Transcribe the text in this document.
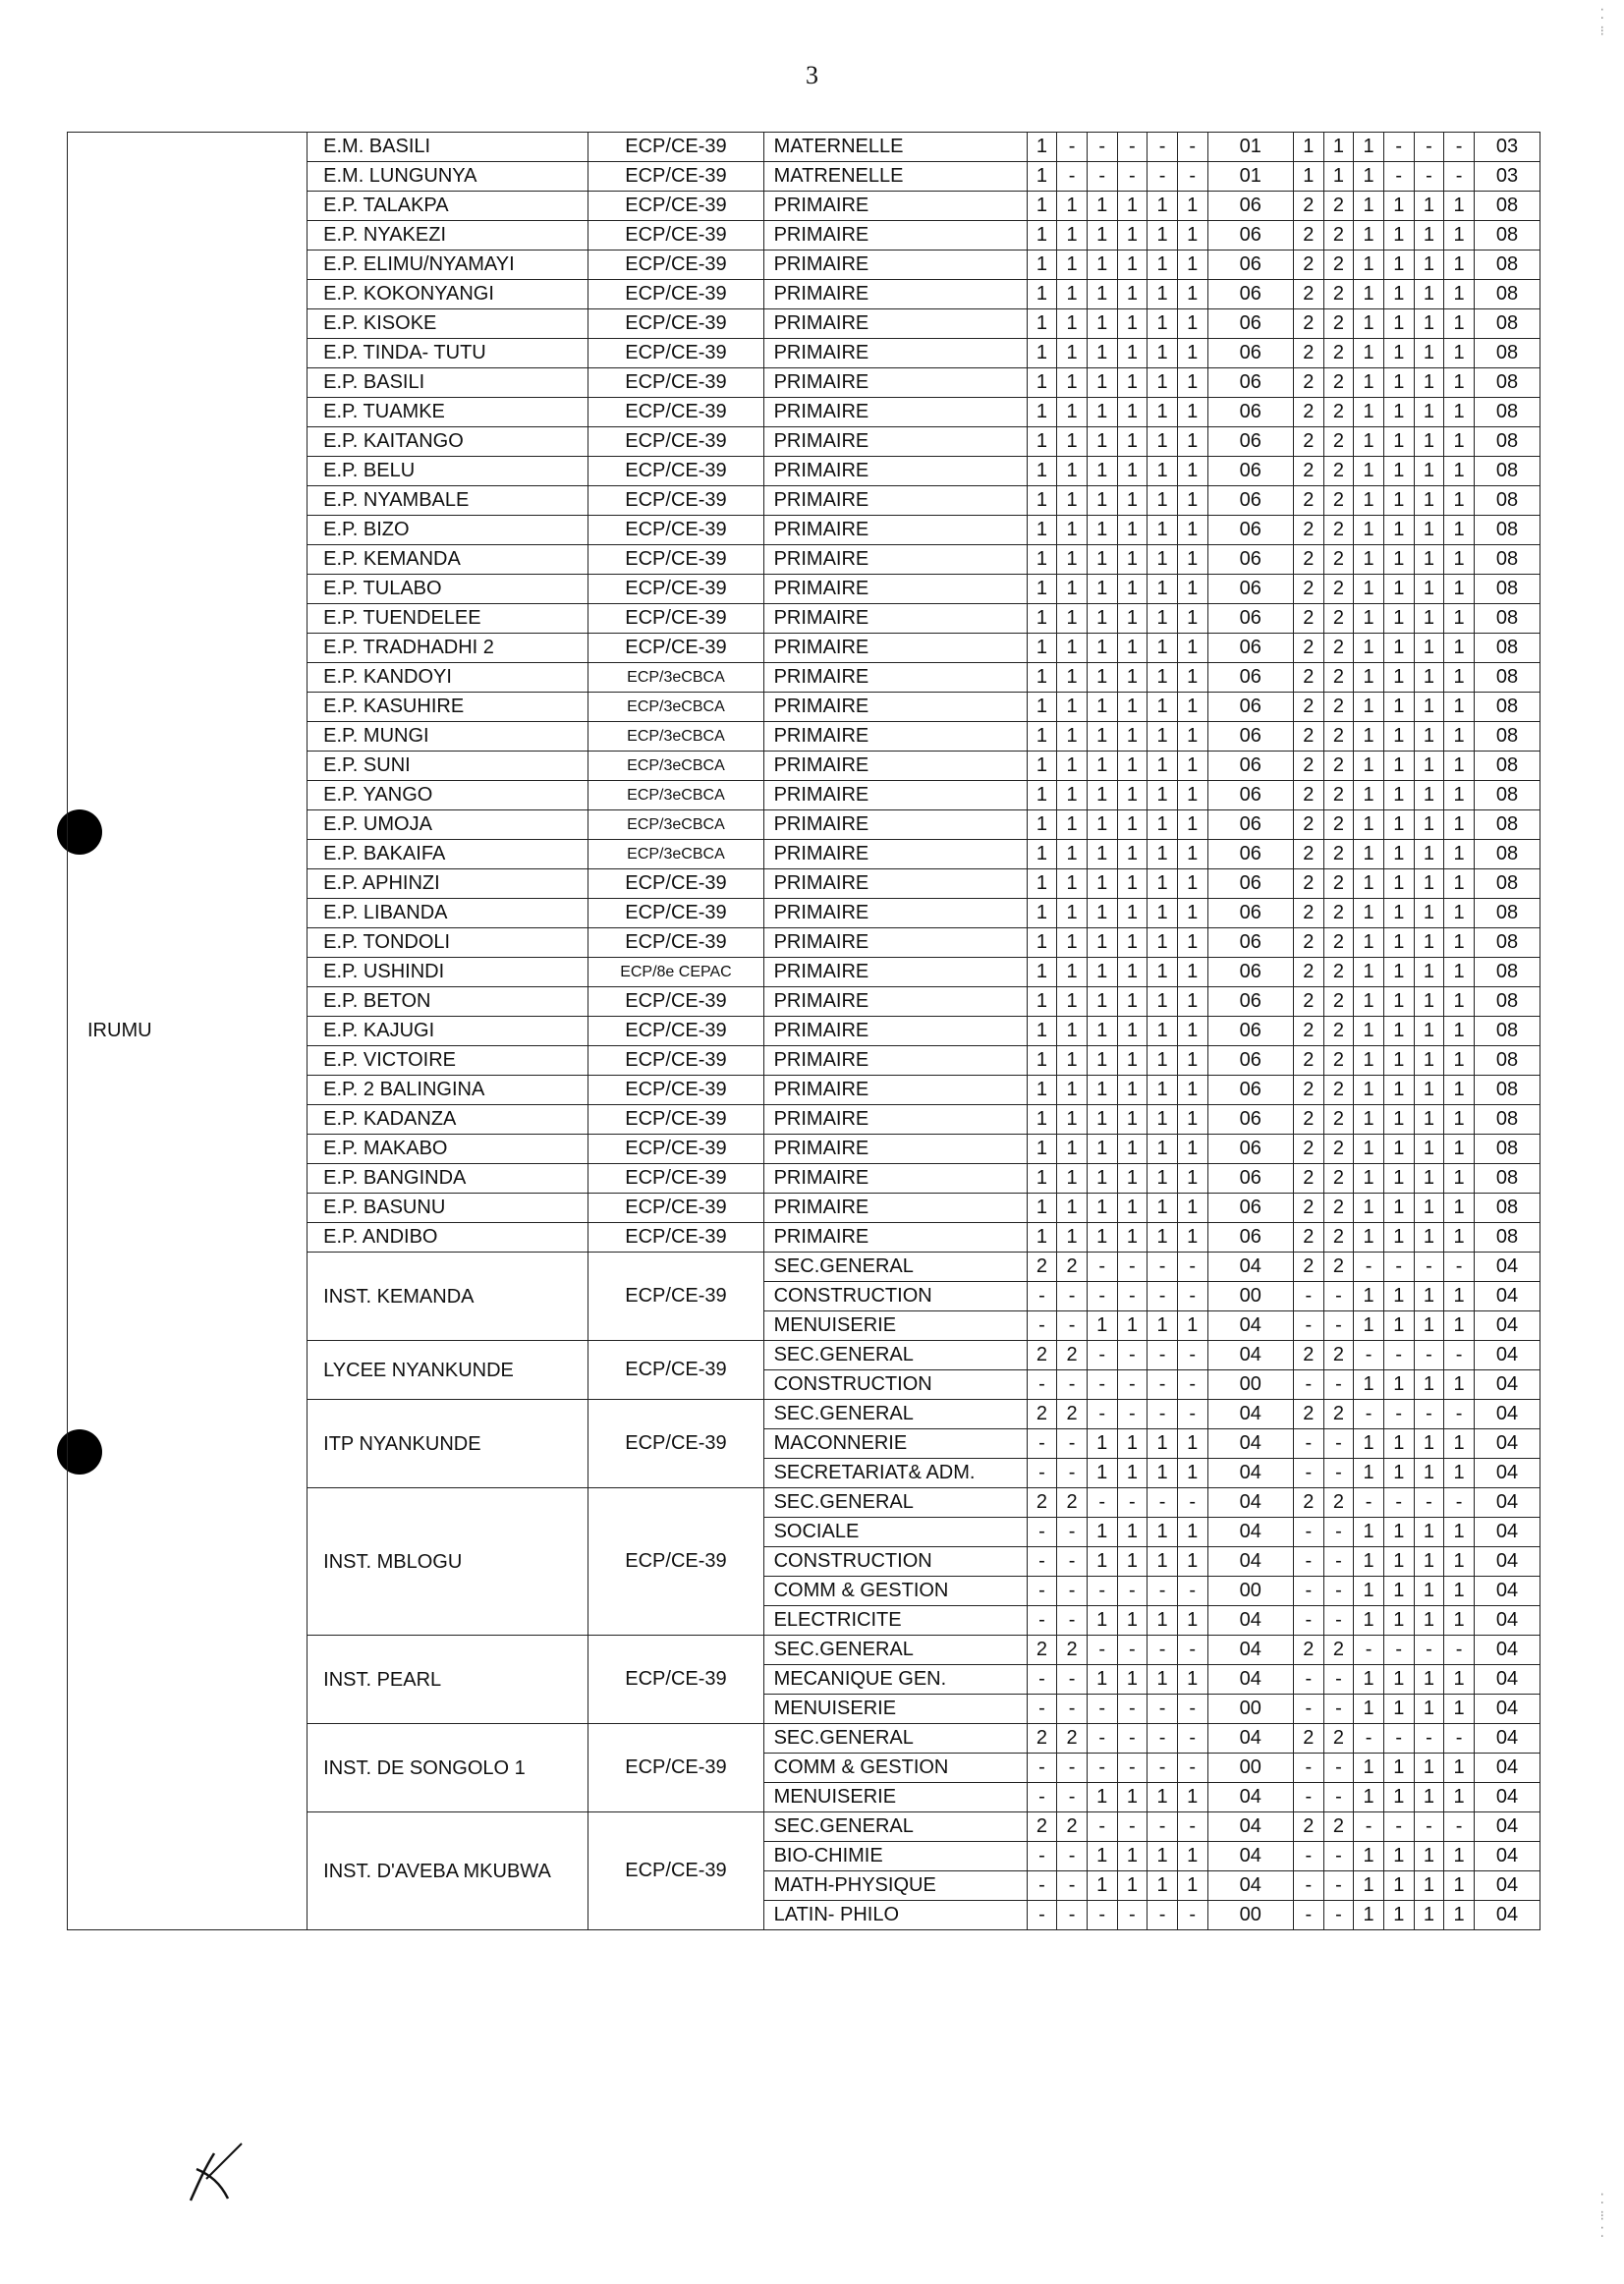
3
⁚
⁝
IRUMU	E.M. BASILI	ECP/CE-39	MATERNELLE	1	-	-	-	-	-	01	1	1	1	-	-	-	03
	E.M. LUNGUNYA	ECP/CE-39	MATRENELLE	1	-	-	-	-	-	01	1	1	1	-	-	-	03
	E.P. TALAKPA	ECP/CE-39	PRIMAIRE	1	1	1	1	1	1	06	2	2	1	1	1	1	08
	E.P. NYAKEZI	ECP/CE-39	PRIMAIRE	1	1	1	1	1	1	06	2	2	1	1	1	1	08
	E.P. ELIMU/NYAMAYI	ECP/CE-39	PRIMAIRE	1	1	1	1	1	1	06	2	2	1	1	1	1	08
	E.P. KOKONYANGI	ECP/CE-39	PRIMAIRE	1	1	1	1	1	1	06	2	2	1	1	1	1	08
	E.P. KISOKE	ECP/CE-39	PRIMAIRE	1	1	1	1	1	1	06	2	2	1	1	1	1	08
	E.P. TINDA- TUTU	ECP/CE-39	PRIMAIRE	1	1	1	1	1	1	06	2	2	1	1	1	1	08
	E.P. BASILI	ECP/CE-39	PRIMAIRE	1	1	1	1	1	1	06	2	2	1	1	1	1	08
	E.P. TUAMKE	ECP/CE-39	PRIMAIRE	1	1	1	1	1	1	06	2	2	1	1	1	1	08
	E.P. KAITANGO	ECP/CE-39	PRIMAIRE	1	1	1	1	1	1	06	2	2	1	1	1	1	08
	E.P. BELU	ECP/CE-39	PRIMAIRE	1	1	1	1	1	1	06	2	2	1	1	1	1	08
	E.P. NYAMBALE	ECP/CE-39	PRIMAIRE	1	1	1	1	1	1	06	2	2	1	1	1	1	08
	E.P. BIZO	ECP/CE-39	PRIMAIRE	1	1	1	1	1	1	06	2	2	1	1	1	1	08
	E.P. KEMANDA	ECP/CE-39	PRIMAIRE	1	1	1	1	1	1	06	2	2	1	1	1	1	08
	E.P. TULABO	ECP/CE-39	PRIMAIRE	1	1	1	1	1	1	06	2	2	1	1	1	1	08
	E.P. TUENDELEE	ECP/CE-39	PRIMAIRE	1	1	1	1	1	1	06	2	2	1	1	1	1	08
	E.P. TRADHADHI 2	ECP/CE-39	PRIMAIRE	1	1	1	1	1	1	06	2	2	1	1	1	1	08
	E.P. KANDOYI	ECP/3eCBCA	PRIMAIRE	1	1	1	1	1	1	06	2	2	1	1	1	1	08
	E.P. KASUHIRE	ECP/3eCBCA	PRIMAIRE	1	1	1	1	1	1	06	2	2	1	1	1	1	08
	E.P. MUNGI	ECP/3eCBCA	PRIMAIRE	1	1	1	1	1	1	06	2	2	1	1	1	1	08
	E.P. SUNI	ECP/3eCBCA	PRIMAIRE	1	1	1	1	1	1	06	2	2	1	1	1	1	08
	E.P. YANGO	ECP/3eCBCA	PRIMAIRE	1	1	1	1	1	1	06	2	2	1	1	1	1	08
	E.P. UMOJA	ECP/3eCBCA	PRIMAIRE	1	1	1	1	1	1	06	2	2	1	1	1	1	08
	E.P. BAKAIFA	ECP/3eCBCA	PRIMAIRE	1	1	1	1	1	1	06	2	2	1	1	1	1	08
	E.P. APHINZI	ECP/CE-39	PRIMAIRE	1	1	1	1	1	1	06	2	2	1	1	1	1	08
	E.P. LIBANDA	ECP/CE-39	PRIMAIRE	1	1	1	1	1	1	06	2	2	1	1	1	1	08
	E.P. TONDOLI	ECP/CE-39	PRIMAIRE	1	1	1	1	1	1	06	2	2	1	1	1	1	08
	E.P. USHINDI	ECP/8e CEPAC	PRIMAIRE	1	1	1	1	1	1	06	2	2	1	1	1	1	08
	E.P. BETON	ECP/CE-39	PRIMAIRE	1	1	1	1	1	1	06	2	2	1	1	1	1	08
	E.P. KAJUGI	ECP/CE-39	PRIMAIRE	1	1	1	1	1	1	06	2	2	1	1	1	1	08
	E.P. VICTOIRE	ECP/CE-39	PRIMAIRE	1	1	1	1	1	1	06	2	2	1	1	1	1	08
	E.P. 2 BALINGINA	ECP/CE-39	PRIMAIRE	1	1	1	1	1	1	06	2	2	1	1	1	1	08
	E.P. KADANZA	ECP/CE-39	PRIMAIRE	1	1	1	1	1	1	06	2	2	1	1	1	1	08
	E.P. MAKABO	ECP/CE-39	PRIMAIRE	1	1	1	1	1	1	06	2	2	1	1	1	1	08
	E.P. BANGINDA	ECP/CE-39	PRIMAIRE	1	1	1	1	1	1	06	2	2	1	1	1	1	08
	E.P. BASUNU	ECP/CE-39	PRIMAIRE	1	1	1	1	1	1	06	2	2	1	1	1	1	08
	E.P. ANDIBO	ECP/CE-39	PRIMAIRE	1	1	1	1	1	1	06	2	2	1	1	1	1	08
	INST. KEMANDA	ECP/CE-39	SEC.GENERAL	2	2	-	-	-	-	04	2	2	-	-	-	-	04
			CONSTRUCTION	-	-	-	-	-	-	00	-	-	1	1	1	1	04
			MENUISERIE	-	-	1	1	1	1	04	-	-	1	1	1	1	04
	LYCEE NYANKUNDE	ECP/CE-39	SEC.GENERAL	2	2	-	-	-	-	04	2	2	-	-	-	-	04
			CONSTRUCTION	-	-	-	-	-	-	00	-	-	1	1	1	1	04
	ITP NYANKUNDE	ECP/CE-39	SEC.GENERAL	2	2	-	-	-	-	04	2	2	-	-	-	-	04
			MACONNERIE	-	-	1	1	1	1	04	-	-	1	1	1	1	04
			SECRETARIAT& ADM.	-	-	1	1	1	1	04	-	-	1	1	1	1	04
	INST. MBLOGU	ECP/CE-39	SEC.GENERAL	2	2	-	-	-	-	04	2	2	-	-	-	-	04
			SOCIALE	-	-	1	1	1	1	04	-	-	1	1	1	1	04
			CONSTRUCTION	-	-	1	1	1	1	04	-	-	1	1	1	1	04
			COMM & GESTION	-	-	-	-	-	-	00	-	-	1	1	1	1	04
			ELECTRICITE	-	-	1	1	1	1	04	-	-	1	1	1	1	04
	INST. PEARL	ECP/CE-39	SEC.GENERAL	2	2	-	-	-	-	04	2	2	-	-	-	-	04
			MECANIQUE GEN.	-	-	1	1	1	1	04	-	-	1	1	1	1	04
			MENUISERIE	-	-	-	-	-	-	00	-	-	1	1	1	1	04
	INST. DE SONGOLO 1	ECP/CE-39	SEC.GENERAL	2	2	-	-	-	-	04	2	2	-	-	-	-	04
			COMM & GESTION	-	-	-	-	-	-	00	-	-	1	1	1	1	04
			MENUISERIE	-	-	1	1	1	1	04	-	-	1	1	1	1	04
	INST. D'AVEBA MKUBWA	ECP/CE-39	SEC.GENERAL	2	2	-	-	-	-	04	2	2	-	-	-	-	04
			BIO-CHIMIE	-	-	1	1	1	1	04	-	-	1	1	1	1	04
			MATH-PHYSIQUE	-	-	1	1	1	1	04	-	-	1	1	1	1	04
			LATIN- PHILO	-	-	-	-	-	-	00	-	-	1	1	1	1	04
⁚
⁝
⁚
